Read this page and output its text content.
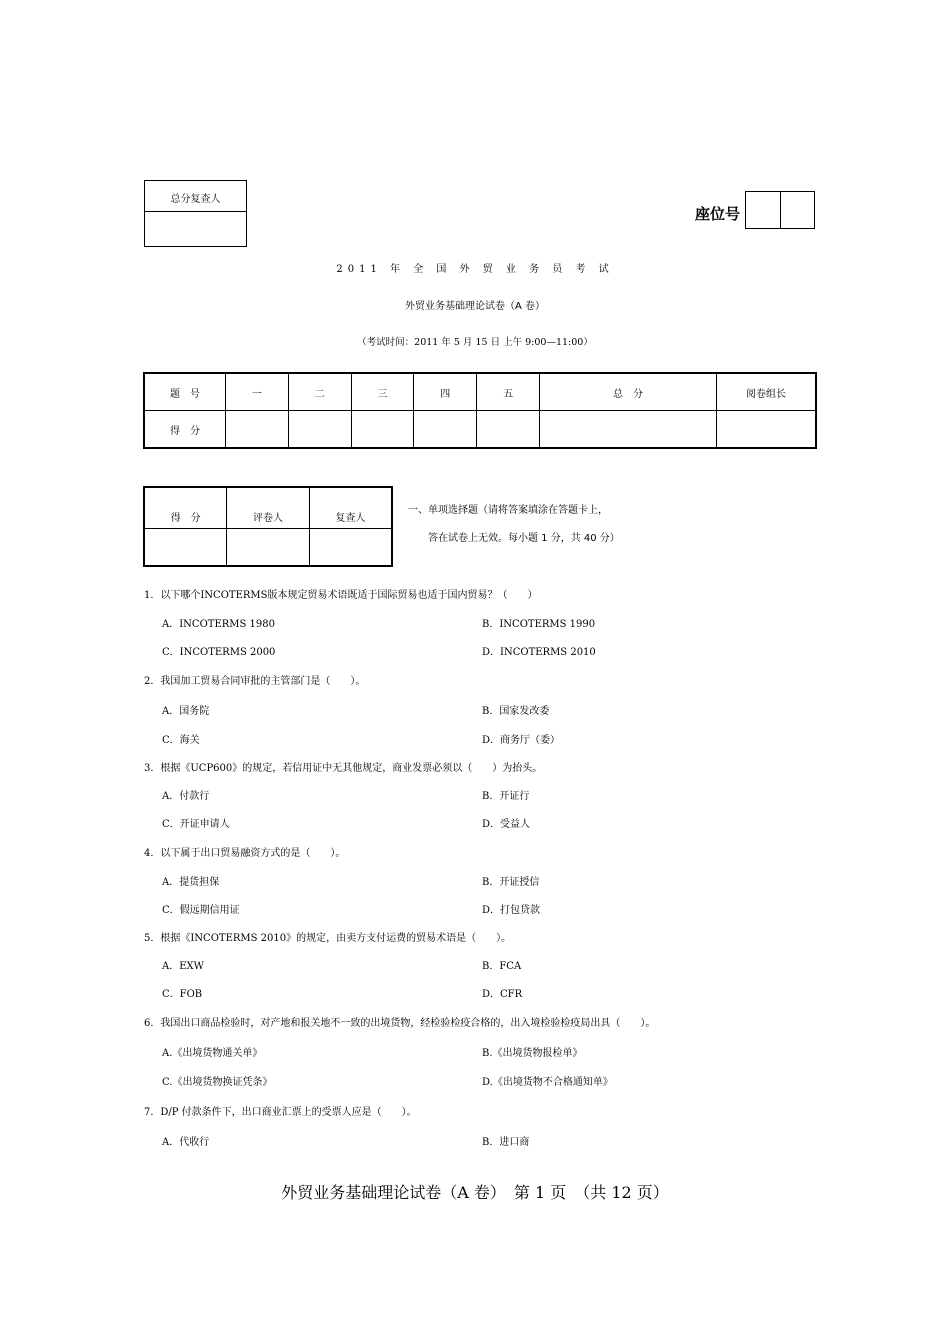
总分复查人
座位号
2011 年 全 国 外 贸 业 务 员 考 试
外贸业务基础理论试卷（A 卷）
（考试时间：2011 年 5 月 15 日 上午 9:00—11:00）
题　号	一	二	三	四	五	总　分	阅卷组长
得　分							
得　分	评卷人	复查人

一、单项选择题（请将答案填涂在答题卡上，
答在试卷上无效。每小题 1 分，共 40 分）
1．以下哪个INCOTERMS版本规定贸易术语既适于国际贸易也适于国内贸易？（　　）
A．INCOTERMS 1980	B．INCOTERMS 1990
C．INCOTERMS 2000	D．INCOTERMS 2010
2．我国加工贸易合同审批的主管部门是（　　）。
A．国务院	B．国家发改委
C．海关	D．商务厅（委）
3．根据《UCP600》的规定，若信用证中无其他规定，商业发票必须以（　　）为抬头。
A．付款行	B．开证行
C．开证申请人	D．受益人
4．以下属于出口贸易融资方式的是（　　）。
A．提货担保	B．开证授信
C．假远期信用证	D．打包贷款
5．根据《INCOTERMS 2010》的规定，由卖方支付运费的贸易术语是（　　）。
A．EXW	B．FCA
C．FOB	D．CFR
6．我国出口商品检验时，对产地和报关地不一致的出境货物，经检验检疫合格的，出入境检验检疫局出具（　　）。
A.《出境货物通关单》	B.《出境货物报检单》
C.《出境货物换证凭条》	D.《出境货物不合格通知单》
7．D/P 付款条件下，出口商业汇票上的受票人应是（　　）。
A．代收行	B．进口商
外贸业务基础理论试卷（A 卷）　第 1 页　（共 12 页）
